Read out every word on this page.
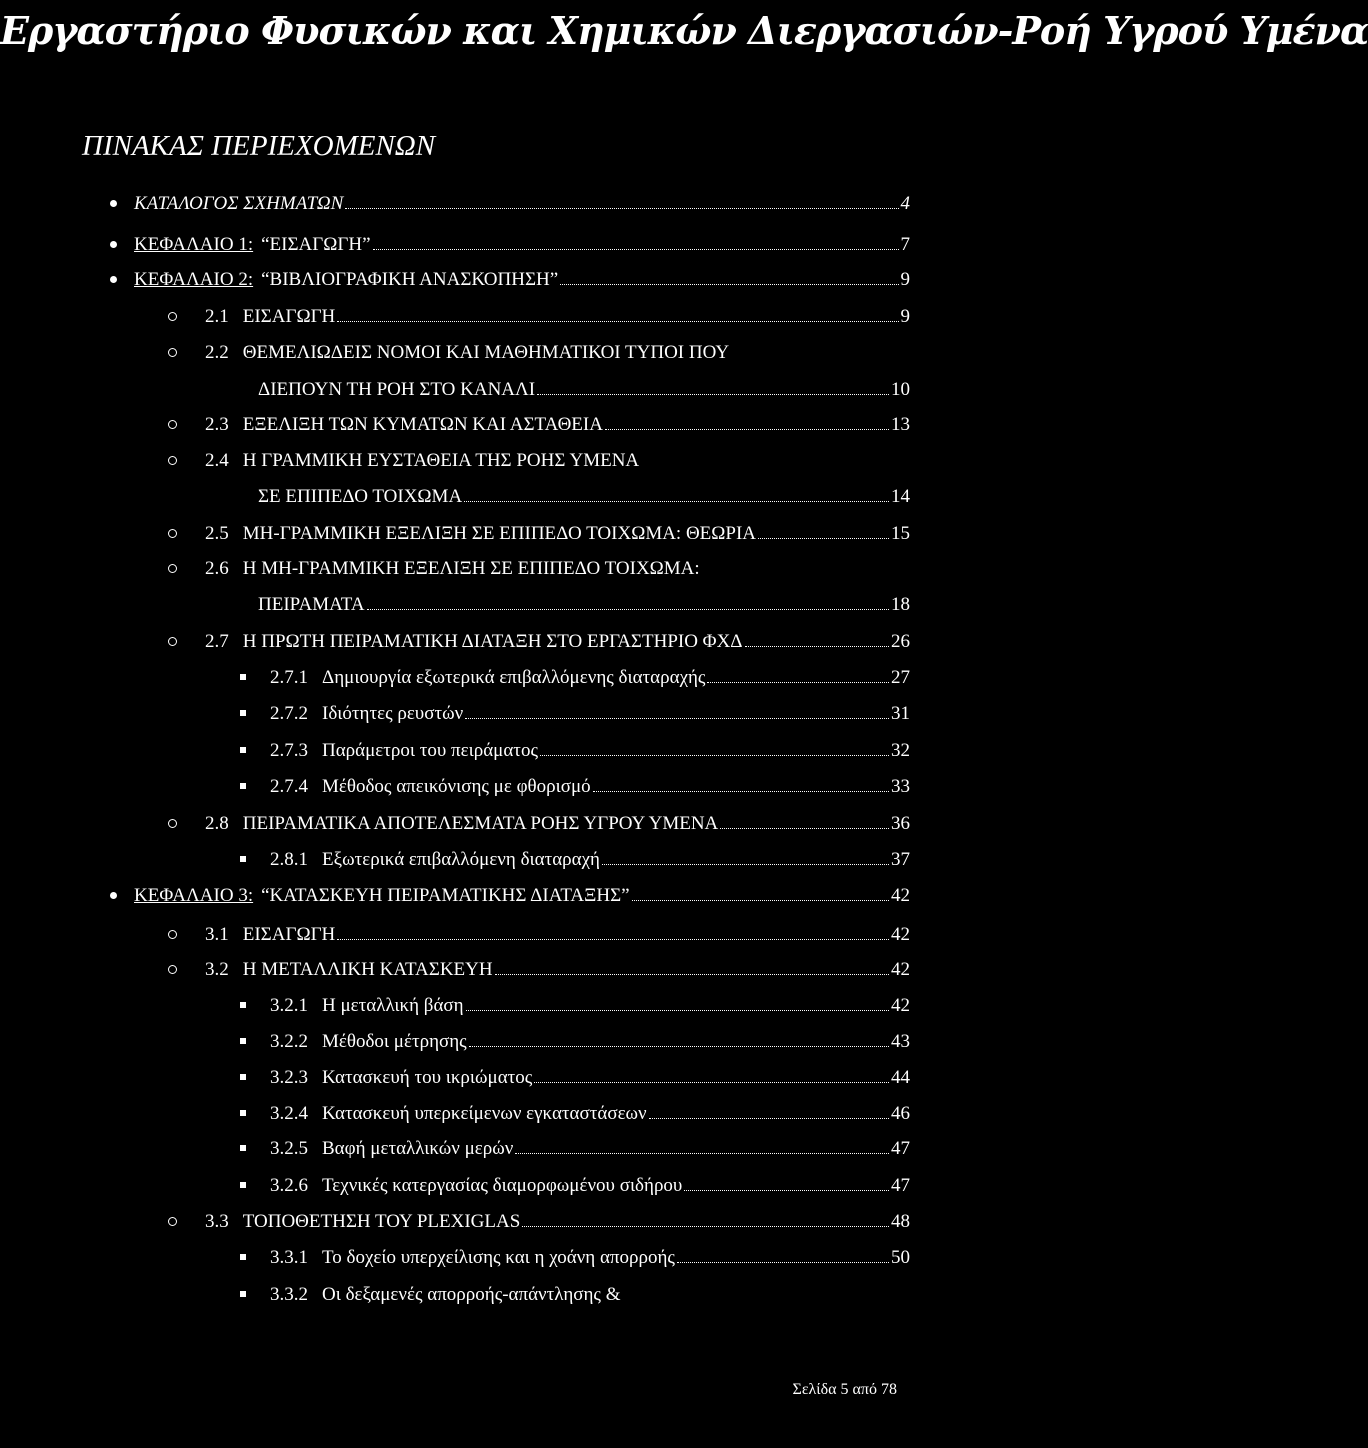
Εργαστήριο Φυσικών και Χημικών Διεργασιών-Ροή Υγρού Υμένα
ΠΙΝΑΚΑΣ ΠΕΡΙΕΧΟΜΕΝΩΝ
ΚΑΤΑΛΟΓΟΣ ΣΧΗΜΑΤΩΝ	4
ΚΕΦΑΛΑΙΟ 1: “ΕΙΣΑΓΩΓΗ”	7
ΚΕΦΑΛΑΙΟ 2: “ΒΙΒΛΙΟΓΡΑΦΙΚΗ ΑΝΑΣΚΟΠΗΣΗ”	9
2.1 ΕΙΣΑΓΩΓΗ	9
2.2 ΘΕΜΕΛΙΩΔΕΙΣ ΝΟΜΟΙ ΚΑΙ ΜΑΘΗΜΑΤΙΚΟΙ ΤΥΠΟΙ ΠΟΥ
ΔΙΕΠΟΥΝ ΤΗ ΡΟΗ ΣΤΟ ΚΑΝΑΛΙ	10
2.3 ΕΞΕΛΙΞΗ ΤΩΝ ΚΥΜΑΤΩΝ ΚΑΙ ΑΣΤΑΘΕΙΑ	13
2.4 Η ΓΡΑΜΜΙΚΗ ΕΥΣΤΑΘΕΙΑ ΤΗΣ ΡΟΗΣ ΥΜΕΝΑ
ΣΕ ΕΠΙΠΕΔΟ ΤΟΙΧΩΜΑ	14
2.5 ΜΗ-ΓΡΑΜΜΙΚΗ ΕΞΕΛΙΞΗ ΣΕ ΕΠΙΠΕΔΟ ΤΟΙΧΩΜΑ: ΘΕΩΡΙΑ	15
2.6 Η ΜΗ-ΓΡΑΜΜΙΚΗ ΕΞΕΛΙΞΗ ΣΕ ΕΠΙΠΕΔΟ ΤΟΙΧΩΜΑ:
ΠΕΙΡΑΜΑΤΑ	18
2.7 Η ΠΡΩΤΗ ΠΕΙΡΑΜΑΤΙΚΗ ΔΙΑΤΑΞΗ ΣΤΟ ΕΡΓΑΣΤΗΡΙΟ ΦΧΔ	26
2.7.1 Δημιουργία εξωτερικά επιβαλλόμενης διαταραχής	27
2.7.2 Ιδιότητες ρευστών	31
2.7.3 Παράμετροι του πειράματος	32
2.7.4 Μέθοδος απεικόνισης με φθορισμό	33
2.8 ΠΕΙΡΑΜΑΤΙΚΑ ΑΠΟΤΕΛΕΣΜΑΤΑ ΡΟΗΣ ΥΓΡΟΥ ΥΜΕΝΑ	36
2.8.1 Εξωτερικά επιβαλλόμενη διαταραχή	37
ΚΕΦΑΛΑΙΟ 3: “ΚΑΤΑΣΚΕΥΗ ΠΕΙΡΑΜΑΤΙΚΗΣ ΔΙΑΤΑΞΗΣ”	42
3.1 ΕΙΣΑΓΩΓΗ	42
3.2 Η ΜΕΤΑΛΛΙΚΗ ΚΑΤΑΣΚΕΥΗ	42
3.2.1 Η μεταλλική βάση	42
3.2.2 Μέθοδοι μέτρησης	43
3.2.3 Κατασκευή του ικριώματος	44
3.2.4 Κατασκευή υπερκείμενων εγκαταστάσεων	46
3.2.5 Βαφή μεταλλικών μερών	47
3.2.6 Τεχνικές κατεργασίας διαμορφωμένου σιδήρου	47
3.3 ΤΟΠΟΘΕΤΗΣΗ ΤΟΥ PLEXIGLAS	48
3.3.1 Το δοχείο υπερχείλισης και η χοάνη απορροής	50
3.3.2 Οι δεξαμενές απορροής-απάντλησης &
Σελίδα 5 από 78
